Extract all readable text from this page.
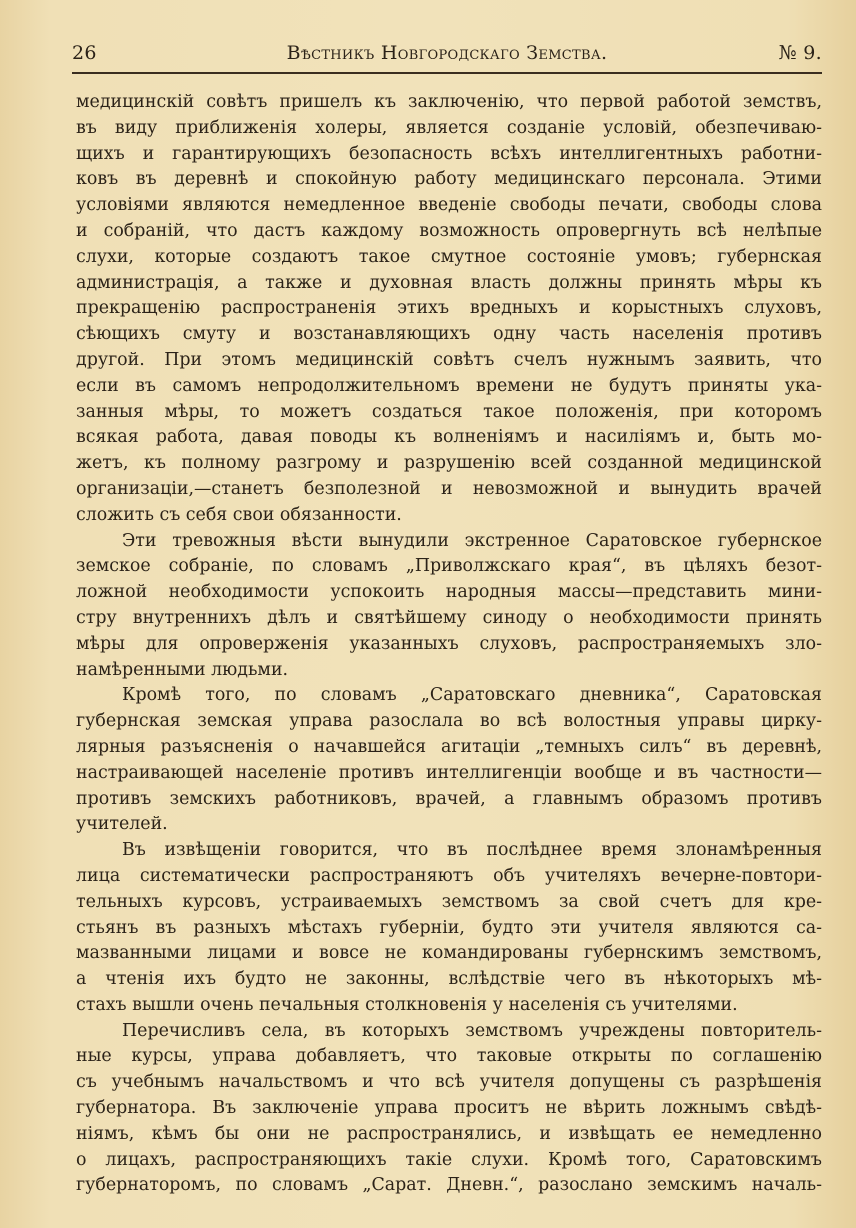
26	Вѣстникъ Новгородскаго Земства.	№ 9.
медицинскій совѣтъ пришелъ къ заключенію, что первой работой земствъ,
въ виду приближенія холеры, является созданіе условій, обезпечиваю-
щихъ и гарантирующихъ безопасность всѣхъ интеллигентныхъ работни-
ковъ въ деревнѣ и спокойную работу медицинскаго персонала. Этими
условіями являются немедленное введеніе свободы печати, свободы слова
и собраній, что дастъ каждому возможность опровергнуть всѣ нелѣпые
слухи, которые создаютъ такое смутное состояніе умовъ; губернская
администрація, а также и духовная власть должны принять мѣры къ
прекращенію распространенія этихъ вредныхъ и корыстныхъ слуховъ,
сѣющихъ смуту и возстанавляющихъ одну часть населенія противъ
другой. При этомъ медицинскій совѣтъ счелъ нужнымъ заявить, что
если въ самомъ непродолжительномъ времени не будутъ приняты ука-
занныя мѣры, то можетъ создаться такое положенія, при которомъ
всякая работа, давая поводы къ волненіямъ и насиліямъ и, быть мо-
жетъ, къ полному разгрому и разрушенію всей созданной медицинской
организаціи,—станетъ безполезной и невозможной и вынудить врачей
сложить съ себя свои обязанности.
Эти тревожныя вѣсти вынудили экстренное Саратовское губернское
земское собраніе, по словамъ „Приволжскаго края“, въ цѣляхъ безот-
ложной необходимости успокоить народныя массы—представить мини-
стру внутреннихъ дѣлъ и святѣйшему синоду о необходимости принять
мѣры для опроверженія указанныхъ слуховъ, распространяемыхъ зло-
намѣренными людьми.
Кромѣ того, по словамъ „Саратовскаго дневника“, Саратовская
губернская земская управа разослала во всѣ волостныя управы цирку-
лярныя разъясненія о начавшейся агитаціи „темныхъ силъ“ въ деревнѣ,
настраивающей населеніе противъ интеллигенціи вообще и въ частности—
противъ земскихъ работниковъ, врачей, а главнымъ образомъ противъ
учителей.
Въ извѣщеніи говорится, что въ послѣднее время злонамѣренныя
лица систематически распространяютъ объ учителяхъ вечерне-повтори-
тельныхъ курсовъ, устраиваемыхъ земствомъ за свой счетъ для кре-
стьянъ въ разныхъ мѣстахъ губерніи, будто эти учителя являются са-
мазванными лицами и вовсе не командированы губернскимъ земствомъ,
а чтенія ихъ будто не законны, вслѣдствіе чего въ нѣкоторыхъ мѣ-
стахъ вышли очень печальныя столкновенія у населенія съ учителями.
Перечисливъ села, въ которыхъ земствомъ учреждены повторитель-
ные курсы, управа добавляетъ, что таковые открыты по соглашенію
съ учебнымъ начальствомъ и что всѣ учителя допущены съ разрѣшенія
губернатора. Въ заключеніе управа проситъ не вѣрить ложнымъ свѣдѣ-
ніямъ, кѣмъ бы они не распространялись, и извѣщать ее немедленно
о лицахъ, распространяющихъ такіе слухи. Кромѣ того, Саратовскимъ
губернаторомъ, по словамъ „Сарат. Дневн.“, разослано земскимъ началь-
